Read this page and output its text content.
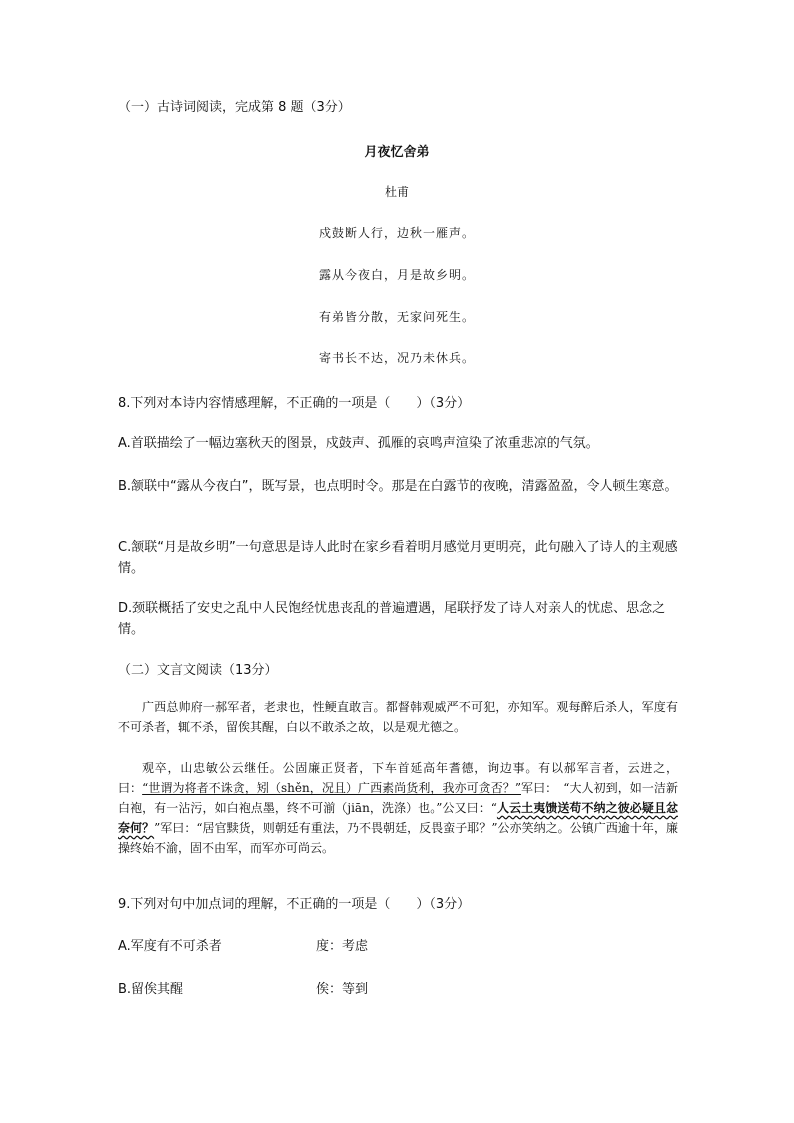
（一）古诗词阅读，完成第 8 题（3分）
月夜忆舍弟
杜甫
戍鼓断人行，边秋一雁声。
露从今夜白，月是故乡明。
有弟皆分散，无家问死生。
寄书长不达，况乃未休兵。
8.下列对本诗内容情感理解，不正确的一项是（　　）（3分）
A.首联描绘了一幅边塞秋天的图景，戍鼓声、孤雁的哀鸣声渲染了浓重悲凉的气氛。
B.颔联中“露从今夜白”，既写景，也点明时令。那是在白露节的夜晚，清露盈盈，令人顿生寒意。
C.颔联“月是故乡明”一句意思是诗人此时在家乡看着明月感觉月更明亮，此句融入了诗人的主观感情。
D.颈联概括了安史之乱中人民饱经忧患丧乱的普遍遭遇，尾联抒发了诗人对亲人的忧虑、思念之情。
（二）文言文阅读（13分）

广西总帅府一郝军者，老隶也，性鲠直敢言。都督韩观威严不可犯，亦知军。观每醉后杀人，军度有不可杀者，辄不杀，留俟其醒，白以不敢杀之故，以是观尤德之。

观卒，山忠敏公云继任。公固廉正贤者，下车首延高年耆德，询边事。有以郝军言者，云进之，曰：“世谓为将者不诛贪，矧（shěn，况且）广西素尚货利，我亦可贪否？”军曰：　“大人初到，如一洁新白袍，有一沾污，如白袍点墨，终不可湔（jiān，洗涤）也。”公又曰：“人云土夷馈送苟不纳之彼必疑且忿奈何？”军曰：“居官黩货，则朝廷有重法，乃不畏朝廷，反畏蛮子耶？”公亦笑纳之。公镇广西逾十年，廉操终始不渝，固不由军，而军亦可尚云。

9.下列对句中加点词的理解，不正确的一项是（　　）（3分）
A.军度有不可杀者	度：考虑
B.留俟其醒	俟：等到
